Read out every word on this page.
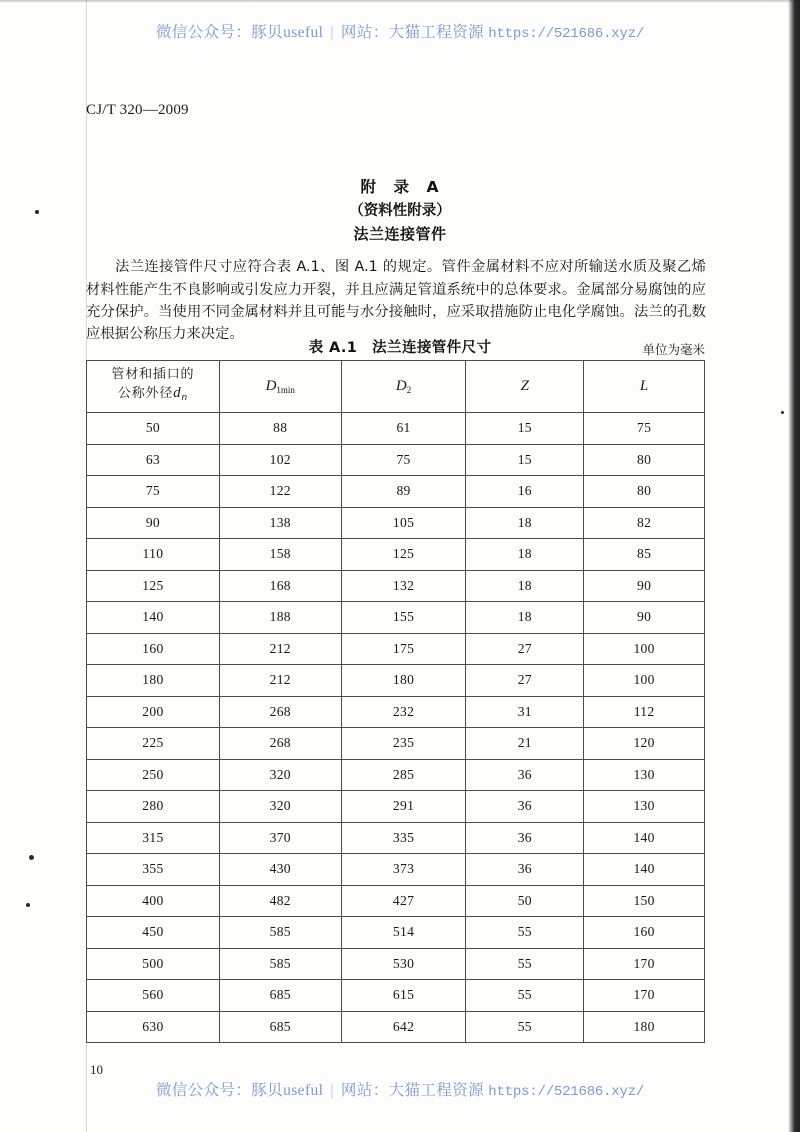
微信公众号：豚贝useful | 网站：大猫工程资源 https://521686.xyz/
CJ/T 320—2009
附　录　A
（资料性附录）
法兰连接管件

法兰连接管件尺寸应符合表 A.1、图 A.1 的规定。管件金属材料不应对所输送水质及聚乙烯材料性能产生不良影响或引发应力开裂，并且应满足管道系统中的总体要求。金属部分易腐蚀的应充分保护。当使用不同金属材料并且可能与水分接触时，应采取措施防止电化学腐蚀。法兰的孔数应根据公称压力来决定。

表 A.1　法兰连接管件尺寸	单位为毫米
管材和插口的
公称外径$d_n$	$D_{1min}$	$D_2$	Z	L
50	88	61	15	75
63	102	75	15	80
75	122	89	16	80
90	138	105	18	82
110	158	125	18	85
125	168	132	18	90
140	188	155	18	90
160	212	175	27	100
180	212	180	27	100
200	268	232	31	112
225	268	235	21	120
250	320	285	36	130
280	320	291	36	130
315	370	335	36	140
355	430	373	36	140
400	482	427	50	150
450	585	514	55	160
500	585	530	55	170
560	685	615	55	170
630	685	642	55	180
10
微信公众号：豚贝useful | 网站：大猫工程资源 https://521686.xyz/
